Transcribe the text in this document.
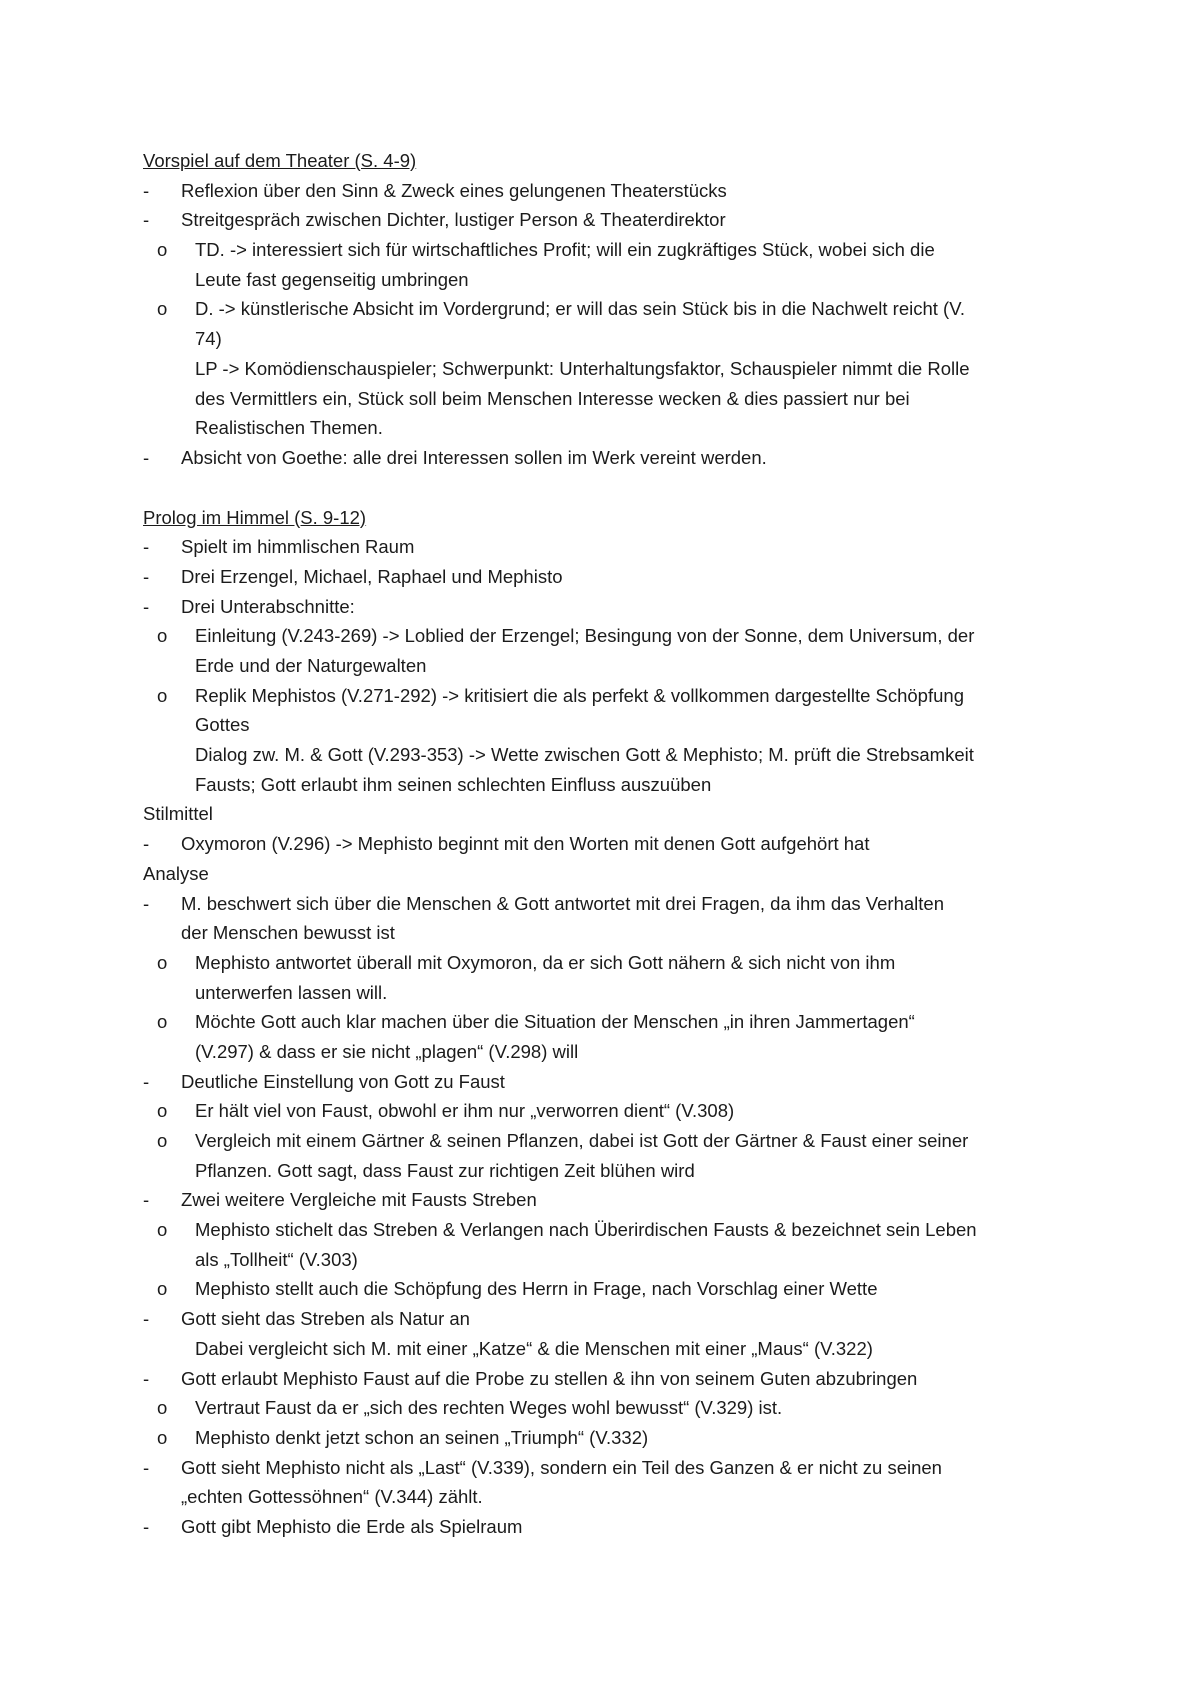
Vorspiel auf dem Theater (S. 4-9)
- Reflexion über den Sinn & Zweck eines gelungenen Theaterstücks
- Streitgespräch zwischen Dichter, lustiger Person & Theaterdirektor
o TD. -> interessiert sich für wirtschaftliches Profit; will ein zugkräftiges Stück, wobei sich die
Leute fast gegenseitig umbringen
o D. -> künstlerische Absicht im Vordergrund; er will das sein Stück bis in die Nachwelt reicht (V.
74)
LP -> Komödienschauspieler; Schwerpunkt: Unterhaltungsfaktor, Schauspieler nimmt die Rolle
des Vermittlers ein, Stück soll beim Menschen Interesse wecken & dies passiert nur bei
Realistischen Themen.
- Absicht von Goethe: alle drei Interessen sollen im Werk vereint werden.
Prolog im Himmel (S. 9-12)
- Spielt im himmlischen Raum
- Drei Erzengel, Michael, Raphael und Mephisto
- Drei Unterabschnitte:
o Einleitung (V.243-269) -> Loblied der Erzengel; Besingung von der Sonne, dem Universum, der
Erde und der Naturgewalten
o Replik Mephistos (V.271-292) -> kritisiert die als perfekt & vollkommen dargestellte Schöpfung
Gottes
Dialog zw. M. & Gott (V.293-353) -> Wette zwischen Gott & Mephisto; M. prüft die Strebsamkeit
Fausts; Gott erlaubt ihm seinen schlechten Einfluss auszuüben
Stilmittel
- Oxymoron (V.296) -> Mephisto beginnt mit den Worten mit denen Gott aufgehört hat
Analyse
- M. beschwert sich über die Menschen & Gott antwortet mit drei Fragen, da ihm das Verhalten
der Menschen bewusst ist
o Mephisto antwortet überall mit Oxymoron, da er sich Gott nähern & sich nicht von ihm
unterwerfen lassen will.
o Möchte Gott auch klar machen über die Situation der Menschen „in ihren Jammertagen“
(V.297) & dass er sie nicht „plagen“ (V.298) will
- Deutliche Einstellung von Gott zu Faust
o Er hält viel von Faust, obwohl er ihm nur „verworren dient“ (V.308)
o Vergleich mit einem Gärtner & seinen Pflanzen, dabei ist Gott der Gärtner & Faust einer seiner
Pflanzen. Gott sagt, dass Faust zur richtigen Zeit blühen wird
- Zwei weitere Vergleiche mit Fausts Streben
o Mephisto stichelt das Streben & Verlangen nach Überirdischen Fausts & bezeichnet sein Leben
als „Tollheit“ (V.303)
o Mephisto stellt auch die Schöpfung des Herrn in Frage, nach Vorschlag einer Wette
- Gott sieht das Streben als Natur an
Dabei vergleicht sich M. mit einer „Katze“ & die Menschen mit einer „Maus“ (V.322)
- Gott erlaubt Mephisto Faust auf die Probe zu stellen & ihn von seinem Guten abzubringen
o Vertraut Faust da er „sich des rechten Weges wohl bewusst“ (V.329) ist.
o Mephisto denkt jetzt schon an seinen „Triumph“ (V.332)
- Gott sieht Mephisto nicht als „Last“ (V.339), sondern ein Teil des Ganzen & er nicht zu seinen
„echten Gottessöhnen“ (V.344) zählt.
- Gott gibt Mephisto die Erde als Spielraum
